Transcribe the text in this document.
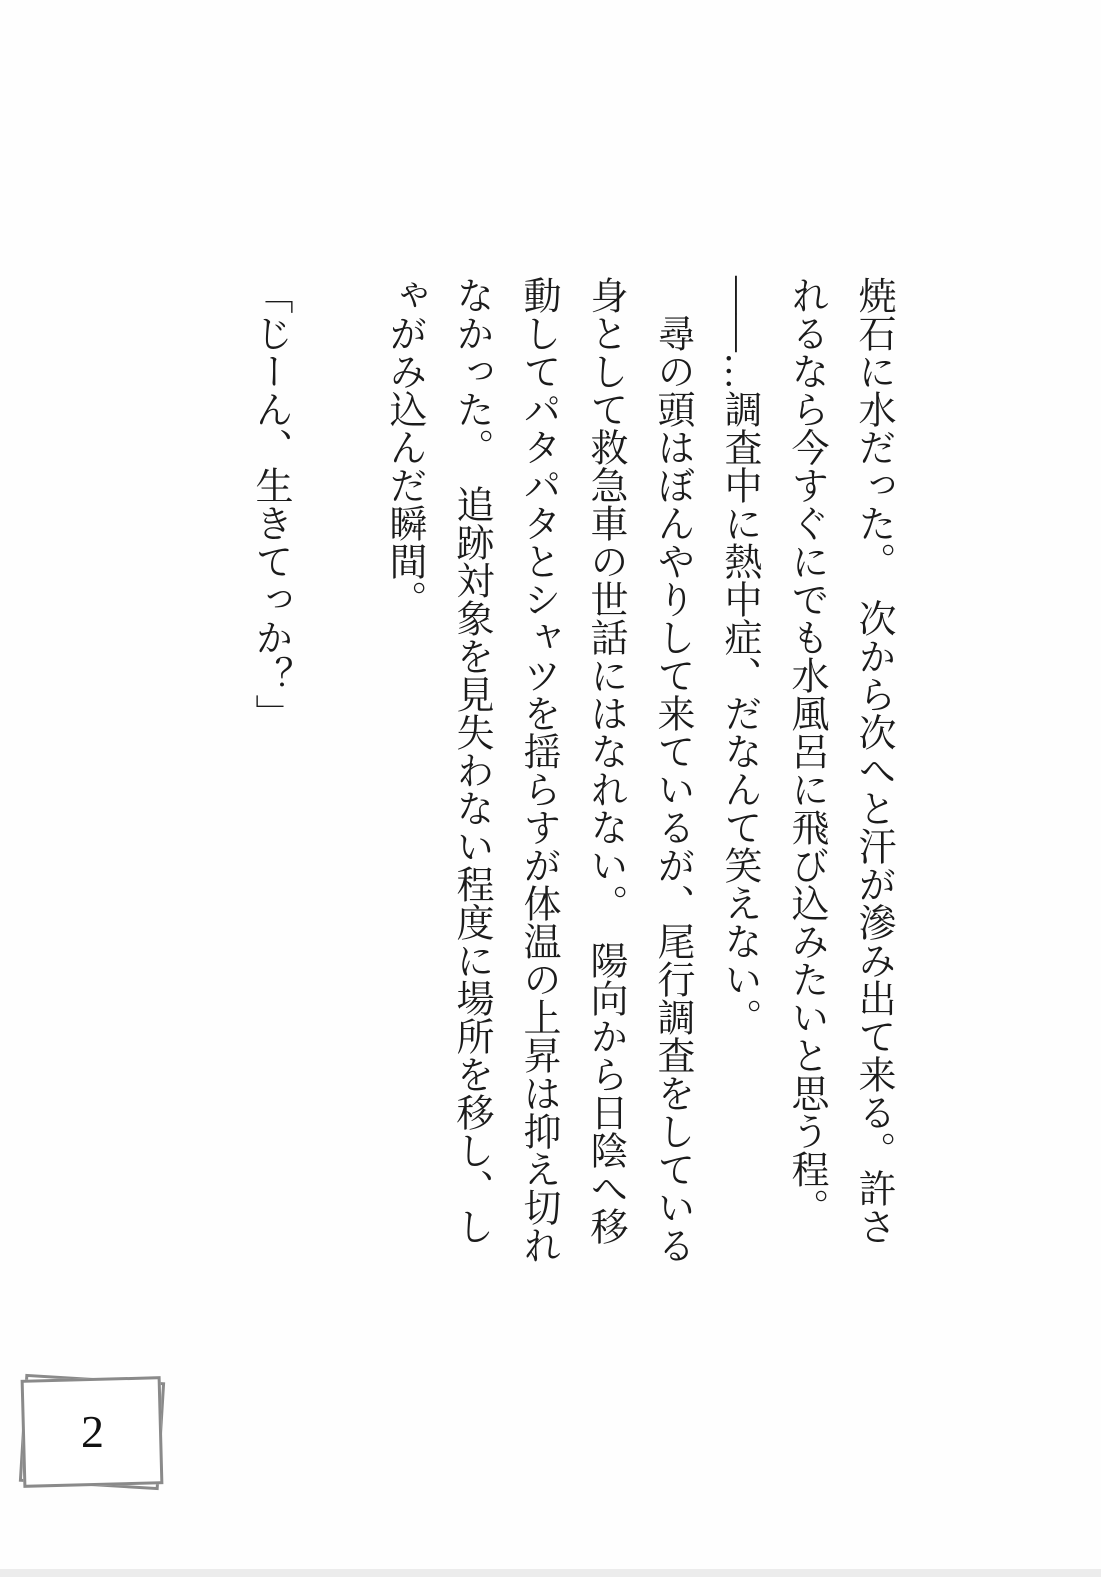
焼石に水だった。　次から次へと汗が滲み出て来る。許されるなら今すぐにでも水風呂に飛び込みたいと思う程。

――…調査中に熱中症、だなんて笑えない。

　尋の頭はぼんやりして来ているが、尾行調査をしている身として救急車の世話にはなれない。　陽向から日陰へ移動してパタパタとシャツを揺らすが体温の上昇は抑え切れなかった。　追跡対象を見失わない程度に場所を移し、しゃがみ込んだ瞬間。

「じーん、生きてっか？」

2
